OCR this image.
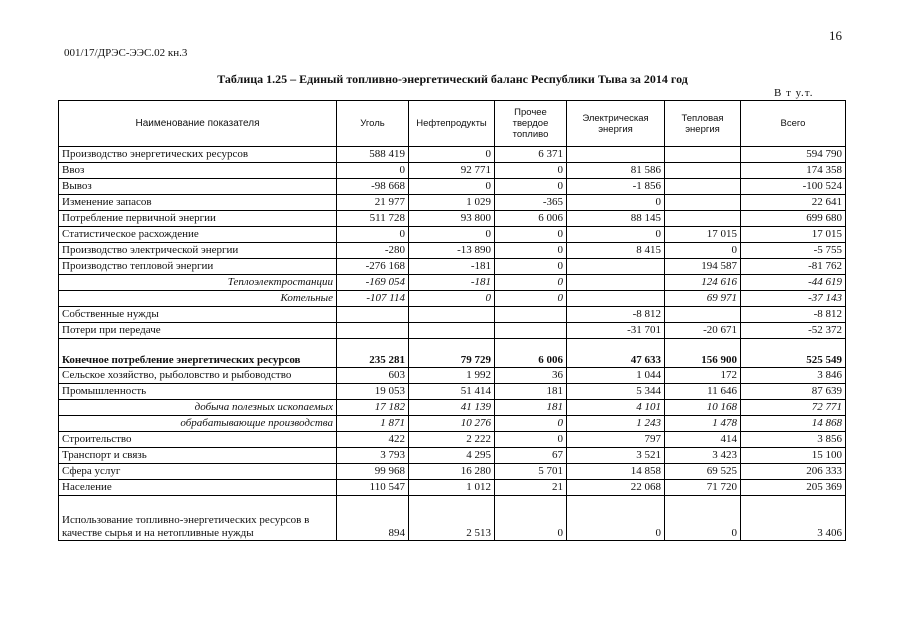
16
001/17/ДРЭС-ЭЭС.02 кн.3
Таблица 1.25 – Единый топливно-энергетический баланс Республики Тыва за 2014 год
В т у.т.
Наименование показателя	Уголь	Нефтепродукты	Прочее твердое топливо	Электрическая энергия	Тепловая энергия	Всего
Производство энергетических ресурсов	588 419	0	6 371			594 790
Ввоз	0	92 771	0	81 586		174 358
Вывоз	-98 668	0	0	-1 856		-100 524
Изменение запасов	21 977	1 029	-365	0		22 641
Потребление первичной энергии	511 728	93 800	6 006	88 145		699 680
Статистическое расхождение	0	0	0	0	17 015	17 015
Производство электрической энергии	-280	-13 890	0	8 415	0	-5 755
Производство тепловой энергии	-276 168	-181	0		194 587	-81 762
Теплоэлектростанции	-169 054	-181	0		124 616	-44 619
Котельные	-107 114	0	0		69 971	-37 143
Собственные нужды				-8 812		-8 812
Потери при передаче				-31 701	-20 671	-52 372
Конечное потребление энергетических ресурсов	235 281	79 729	6 006	47 633	156 900	525 549
Сельское хозяйство, рыболовство и рыбоводство	603	1 992	36	1 044	172	3 846
Промышленность	19 053	51 414	181	5 344	11 646	87 639
добыча полезных ископаемых	17 182	41 139	181	4 101	10 168	72 771
обрабатывающие производства	1 871	10 276	0	1 243	1 478	14 868
Строительство	422	2 222	0	797	414	3 856
Транспорт и связь	3 793	4 295	67	3 521	3 423	15 100
Сфера услуг	99 968	16 280	5 701	14 858	69 525	206 333
Население	110 547	1 012	21	22 068	71 720	205 369
Использование топливно-энергетических ресурсов в качестве сырья и на нетопливные нужды	894	2 513	0	0	0	3 406
